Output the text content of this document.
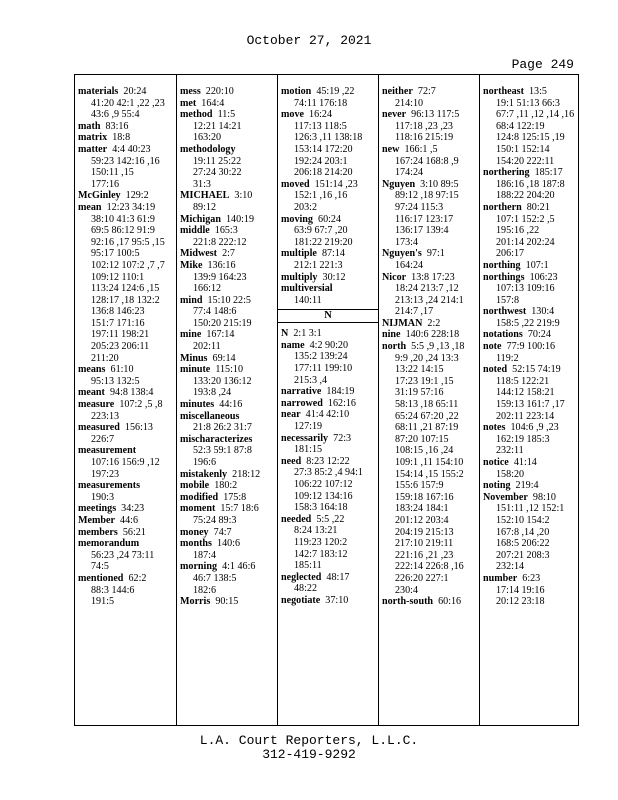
October 27, 2021
Page 249
materials 20:24
41:20 42:1 ,22 ,23
43:6 ,9 55:4
math 83:16
matrix 18:8
matter 4:4 40:23
59:23 142:16 ,16
150:11 ,15
177:16
McGinley 129:2
mean 12:23 34:19
38:10 41:3 61:9
69:5 86:12 91:9
92:16 ,17 95:5 ,15
95:17 100:5
102:12 107:2 ,7 ,7
109:12 110:1
113:24 124:6 ,15
128:17 ,18 132:2
136:8 146:23
151:7 171:16
197:11 198:21
205:23 206:11
211:20
means 61:10
95:13 132:5
meant 94:8 138:4
measure 107:2 ,5 ,8
223:13
measured 156:13
226:7
measurement
107:16 156:9 ,12
197:23
measurements
190:3
meetings 34:23
Member 44:6
members 56:21
memorandum
56:23 ,24 73:11
74:5
mentioned 62:2
88:3 144:6
191:5
mess 220:10
met 164:4
method 11:5
12:21 14:21
163:20
methodology
19:11 25:22
27:24 30:22
31:3
MICHAEL 3:10
89:12
Michigan 140:19
middle 165:3
221:8 222:12
Midwest 2:7
Mike 136:16
139:9 164:23
166:12
mind 15:10 22:5
77:4 148:6
150:20 215:19
mine 167:14
202:11
Minus 69:14
minute 115:10
133:20 136:12
193:8 ,24
minutes 44:16
miscellaneous
21:8 26:2 31:7
mischaracterizes
52:3 59:1 87:8
196:6
mistakenly 218:12
mobile 180:2
modified 175:8
moment 15:7 18:6
75:24 89:3
money 74:7
months 140:6
187:4
morning 4:1 46:6
46:7 138:5
182:6
Morris 90:15
motion 45:19 ,22
74:11 176:18
move 16:24
117:13 118:5
126:3 ,11 138:18
153:14 172:20
192:24 203:1
206:18 214:20
moved 151:14 ,23
152:1 ,16 ,16
203:2
moving 60:24
63:9 67:7 ,20
181:22 219:20
multiple 87:14
212:1 221:3
multiply 30:12
multiversial
140:11
N
N 2:1 3:1
name 4:2 90:20
135:2 139:24
177:11 199:10
215:3 ,4
narrative 184:19
narrowed 162:16
near 41:4 42:10
127:19
necessarily 72:3
181:15
need 8:23 12:22
27:3 85:2 ,4 94:1
106:22 107:12
109:12 134:16
158:3 164:18
needed 5:5 ,22
8:24 13:21
119:23 120:2
142:7 183:12
185:11
neglected 48:17
48:22
negotiate 37:10
neither 72:7
214:10
never 96:13 117:5
117:18 ,23 ,23
118:16 215:19
new 166:1 ,5
167:24 168:8 ,9
174:24
Nguyen 3:10 89:5
89:12 ,18 97:15
97:24 115:3
116:17 123:17
136:17 139:4
173:4
Nguyen's 97:1
164:24
Nicor 13:8 17:23
18:24 213:7 ,12
213:13 ,24 214:1
214:7 ,17
NIJMAN 2:2
nine 140:6 228:18
north 5:5 ,9 ,13 ,18
9:9 ,20 ,24 13:3
13:22 14:15
17:23 19:1 ,15
31:19 57:16
58:13 ,18 65:11
65:24 67:20 ,22
68:11 ,21 87:19
87:20 107:15
108:15 ,16 ,24
109:1 ,11 154:10
154:14 ,15 155:2
155:6 157:9
159:18 167:16
183:24 184:1
201:12 203:4
204:19 215:13
217:10 219:11
221:16 ,21 ,23
222:14 226:8 ,16
226:20 227:1
230:4
north-south 60:16
northeast 13:5
19:1 51:13 66:3
67:7 ,11 ,12 ,14 ,16
68:4 122:19
124:8 125:15 ,19
150:1 152:14
154:20 222:11
northering 185:17
186:16 ,18 187:8
188:22 204:20
northern 80:21
107:1 152:2 ,5
195:16 ,22
201:14 202:24
206:17
northing 107:1
northings 106:23
107:13 109:16
157:8
northwest 130:4
158:5 ,22 219:9
notations 70:24
note 77:9 100:16
119:2
noted 52:15 74:19
118:5 122:21
144:12 158:21
159:13 161:7 ,17
202:11 223:14
notes 104:6 ,9 ,23
162:19 185:3
232:11
notice 41:14
158:20
noting 219:4
November 98:10
151:11 ,12 152:1
152:10 154:2
167:8 ,14 ,20
168:5 206:22
207:21 208:3
232:14
number 6:23
17:14 19:16
20:12 23:18
L.A. Court Reporters, L.L.C.
312-419-9292
